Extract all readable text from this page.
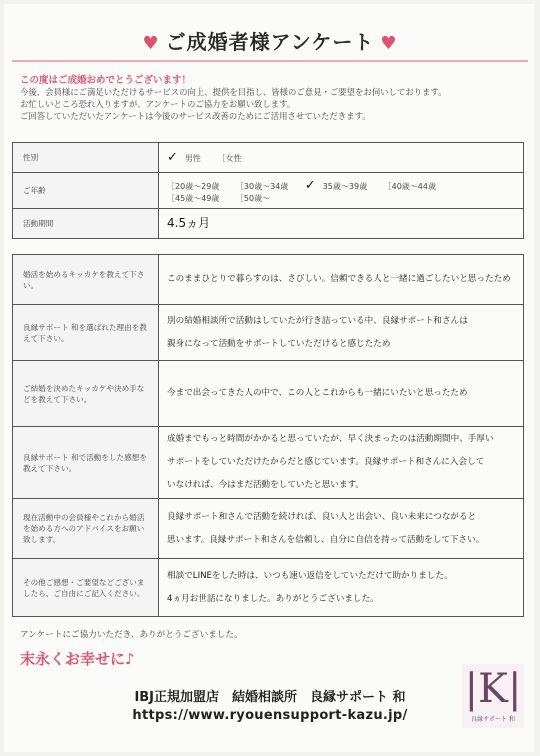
♥ ご成婚者様アンケート ♥
この度はご成婚おめでとうございます！
今後、会員様にご満足いただけるサービスの向上、提供を目指し、皆様のご意見・ご要望をお伺いしております。
お忙しいところ恐れ入りますが、アンケートのご協力をお願い致します。
ご回答していただいたアンケートは今後のサービス改善のためにご活用させていただきます。
性別	✓ 男性 ［女性
ご年齢	［20歳～29歳 ［30歳～34歳 ✓ 35歳～39歳 ［40歳～44歳 ［45歳～49歳 ［50歳～
活動期間	4.5ヵ月
婚活を始めるキッカケを教えて下さい。	このままひとりで暮らすのは、さびしい。信頼できる人と一緒に過ごしたいと思ったため

良縁サポート 和を選ばれた理由を教えて下さい。	別の結婚相談所で活動はしていたが行き詰っている中、良縁サポート和さんは
親身になって活動をサポートしていただけると感じたため

ご結婚を決めたキッカケや決め手などを教えて下さい。	今まで出会ってきた人の中で、この人とこれからも一緒にいたいと思ったため

良縁サポート 和で活動をした感想を教えて下さい。	成婚までもっと時間がかかると思っていたが、早く決まったのは活動期間中、手厚い
サポートをしていただけたからだと感じています。良縁サポート和さんに入会して
いなければ、今はまだ活動をしていたと思います。

現在活動中の会員様やこれから婚活を始める方へのアドバイスをお願い致します。	良縁サポート和さんで活動を続ければ、良い人と出会い、良い未来につながると
思います。良縁サポート和さんを信頼し、自分に自信を持って活動をして下さい。

その他ご感想・ご要望などございましたら、ご自由にご記入ください。	相談でLINEをした時は、いつも速い返信をしていただけて助かりました。
4ヵ月お世話になりました。ありがとうございました。
アンケートにご協力いただき、ありがとうございました。
末永くお幸せに♪
IBJ正規加盟店　結婚相談所　良縁サポート 和
https://www.ryouensupport-kazu.jp/
|K|
良縁サポート 和
